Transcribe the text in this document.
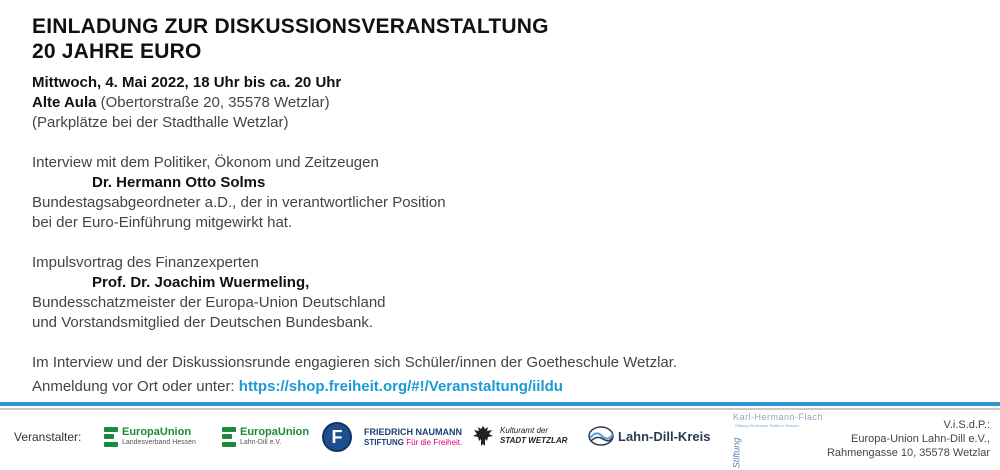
EINLADUNG ZUR DISKUSSIONSVERANSTALTUNG
20 JAHRE EURO
Mittwoch, 4. Mai 2022, 18 Uhr bis ca. 20 Uhr
Alte Aula (Obertorstraße 20, 35578 Wetzlar)
(Parkplätze bei der Stadthalle Wetzlar)
Interview mit dem Politiker, Ökonom und Zeitzeugen
Dr. Hermann Otto Solms
Bundestagsabgeordneter a.D., der in verantwortlicher Position
bei der Euro-Einführung mitgewirkt hat.
Impulsvortrag des Finanzexperten
Prof. Dr. Joachim Wuermeling,
Bundesschatzmeister der Europa-Union Deutschland
und Vorstandsmitglied der Deutschen Bundesbank.
Im Interview und der Diskussionsrunde engagieren sich Schüler/innen der Goetheschule Wetzlar.
Anmeldung vor Ort oder unter: https://shop.freiheit.org/#!/Veranstaltung/iildu
Veranstalter:	EuropaUnion
Landesverband Hessen
EuropaUnion
Lahn-Dill e.V.	F	FRIEDRICH NAUMANN
STIFTUNG Für die Freiheit.
Kulturamt der
STADT WETZLAR	Lahn-Dill-Kreis
Karl-Hermann-Flach
Stiftung für liberale Politik in Hessen
Stiftung
V.i.S.d.P.:
Europa-Union Lahn-Dill e.V.,
Rahmengasse 10, 35578 Wetzlar
